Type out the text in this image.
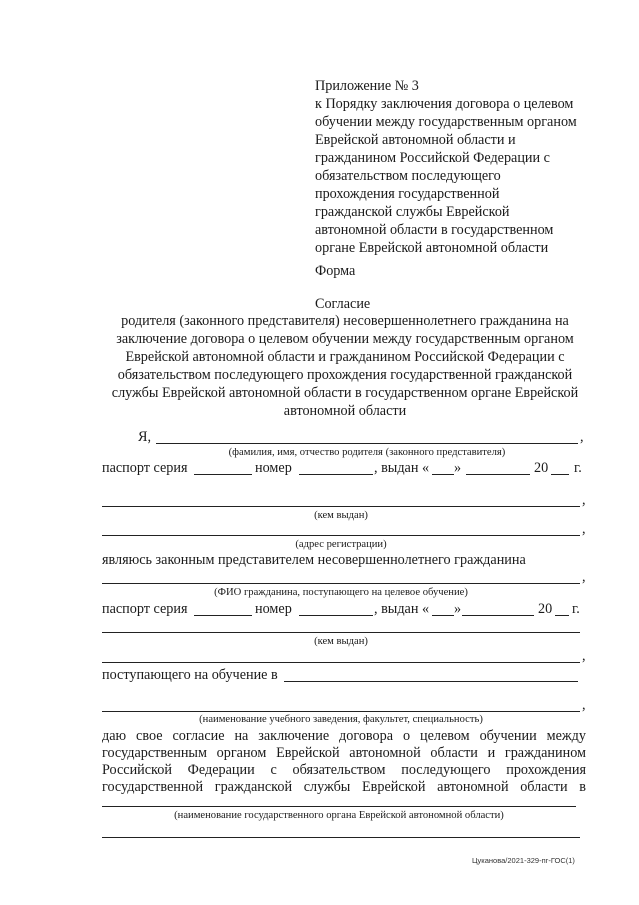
Приложение № 3
к Порядку заключения договора о целевом
обучении между государственным органом
Еврейской автономной области и
гражданином Российской Федерации с
обязательством последующего
прохождения государственной
гражданской службы Еврейской
автономной области в государственном
органе Еврейской автономной области
Форма
Согласие
родителя (законного представителя) несовершеннолетнего гражданина на
заключение договора о целевом обучении между государственным органом
Еврейской автономной области и гражданином Российской Федерации с
обязательством последующего прохождения государственной гражданской
службы Еврейской автономной области в государственном органе Еврейской
автономной области
Я,	,
(фамилия, имя, отчество родителя (законного представителя)
паспорт серия	номер	, выдан « »	20 г.
,
(кем выдан)
,
(адрес регистрации)
являюсь законным представителем несовершеннолетнего гражданина
,
(ФИО гражданина, поступающего на целевое обучение)
паспорт серия	номер	, выдан « »	20 г.
(кем выдан)
,
поступающего на обучение в
,
(наименование учебного заведения, факультет, специальность)
даю свое согласие на заключение договора о целевом обучении между
государственным органом Еврейской автономной области и гражданином
Российской Федерации с обязательством последующего прохождения
государственной гражданской службы Еврейской автономной области в
(наименование государственного органа Еврейской автономной области)
Цуканова/2021-329-пг-ГОС(1)
